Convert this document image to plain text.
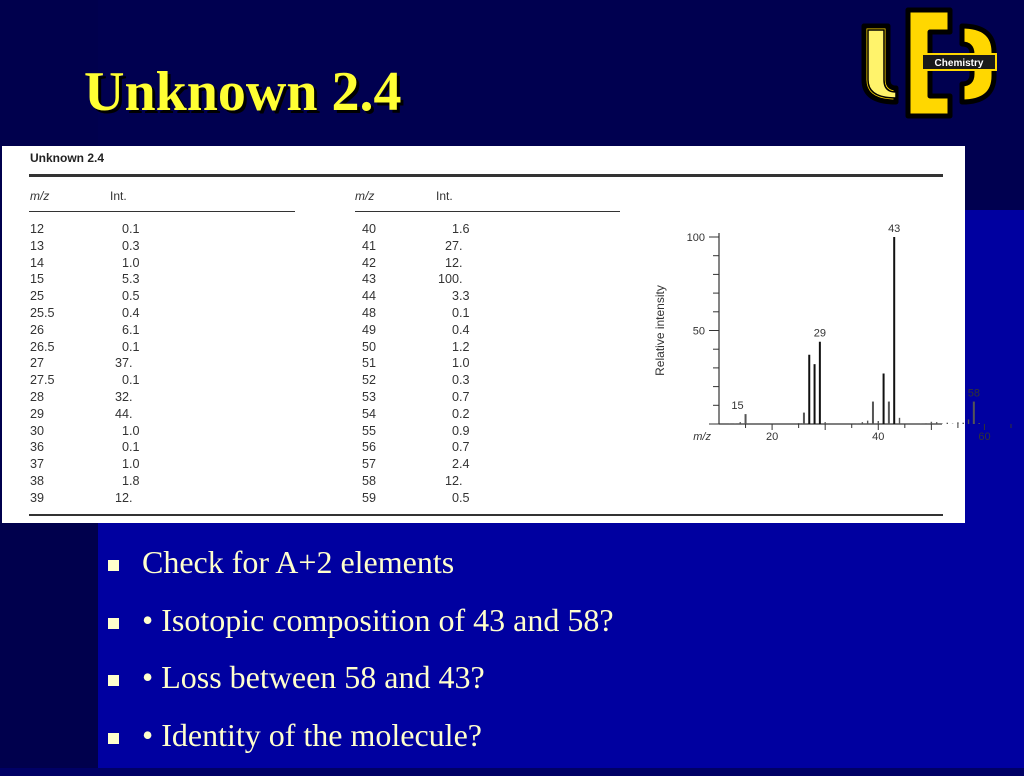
Unknown 2.4	Chemistry
Unknown 2.4
m/z	Int.	m/z	Int.
12	0.1
13	0.3
14	1.0
15	5.3
25	0.5
25.5	0.4
26	6.1
26.5	0.1
27	37.
27.5	0.1
28	32.
29	44.
30	1.0
36	0.1
37	1.0
38	1.8
39	12.
40	1.6
41	27.
42	12.
43	100.
44	3.3
48	0.1
49	0.4
50	1.2
51	1.0
52	0.3
53	0.7
54	0.2
55	0.9
56	0.7
57	2.4
58	12.
59	0.5
100
50
20	40	60
m/z
Relative intensity
15
29
43
58
Check for A+2 elements
• Isotopic composition of 43 and 58?
• Loss between 58 and 43?
• Identity of the molecule?
